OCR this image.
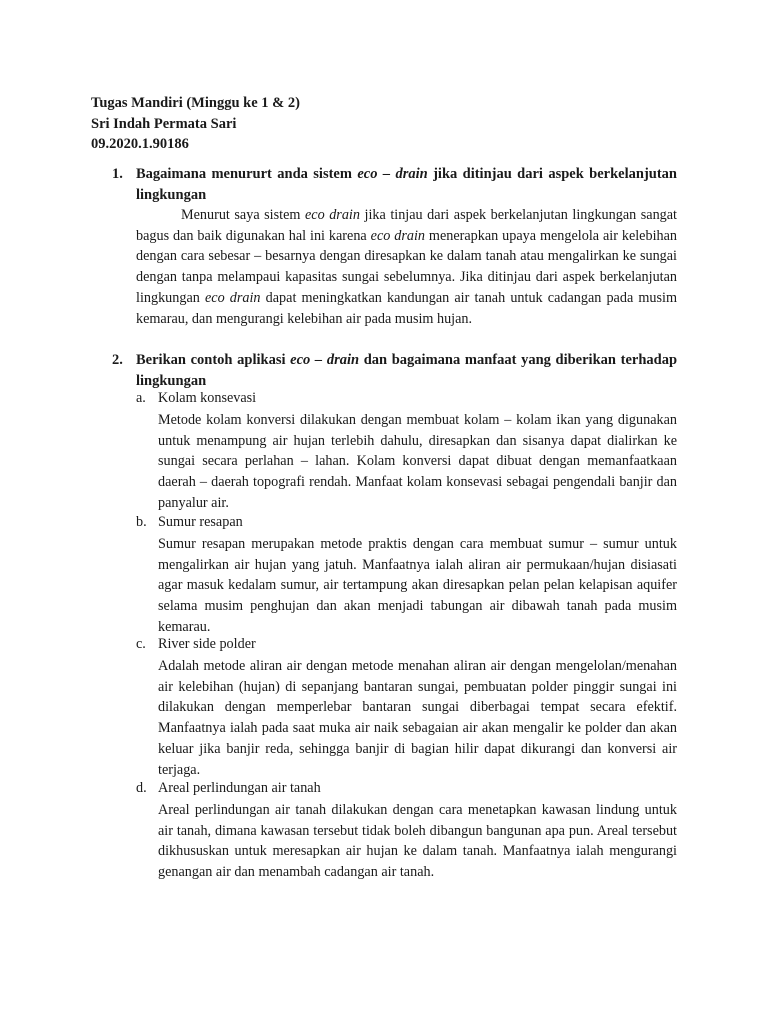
Tugas Mandiri (Minggu ke 1 & 2)
Sri Indah Permata Sari
09.2020.1.90186
1. Bagaimana menururt anda sistem eco – drain jika ditinjau dari aspek berkelanjutan lingkungan
Menurut saya sistem eco drain jika tinjau dari aspek berkelanjutan lingkungan sangat bagus dan baik digunakan hal ini karena eco drain menerapkan upaya mengelola air kelebihan dengan cara sebesar – besarnya dengan diresapkan ke dalam tanah atau mengalirkan ke sungai dengan tanpa melampaui kapasitas sungai sebelumnya. Jika ditinjau dari aspek berkelanjutan lingkungan eco drain dapat meningkatkan kandungan air tanah untuk cadangan pada musim kemarau, dan mengurangi kelebihan air pada musim hujan.
2. Berikan contoh aplikasi eco – drain dan bagaimana manfaat yang diberikan terhadap lingkungan
a. Kolam konsevasi
Metode kolam konversi dilakukan dengan membuat kolam – kolam ikan yang digunakan untuk menampung air hujan terlebih dahulu, diresapkan dan sisanya dapat dialirkan ke sungai secara perlahan – lahan. Kolam konversi dapat dibuat dengan memanfaatkaan daerah – daerah topografi rendah. Manfaat kolam konsevasi sebagai pengendali banjir dan panyalur air.
b. Sumur resapan
Sumur resapan merupakan metode praktis dengan cara membuat sumur – sumur untuk mengalirkan air hujan yang jatuh. Manfaatnya ialah aliran air permukaan/hujan disiasati agar masuk kedalam sumur, air tertampung akan diresapkan pelan pelan kelapisan aquifer selama musim penghujan dan akan menjadi tabungan air dibawah tanah pada musim kemarau.
c. River side polder
Adalah metode aliran air dengan metode menahan aliran air dengan mengelolan/menahan air kelebihan (hujan) di sepanjang bantaran sungai, pembuatan polder pinggir sungai ini dilakukan dengan memperlebar bantaran sungai diberbagai tempat secara efektif. Manfaatnya ialah pada saat muka air naik sebagaian air akan mengalir ke polder dan akan keluar jika banjir reda, sehingga banjir di bagian hilir dapat dikurangi dan konversi air terjaga.
d. Areal perlindungan air tanah
Areal perlindungan air tanah dilakukan dengan cara menetapkan kawasan lindung untuk air tanah, dimana kawasan tersebut tidak boleh dibangun bangunan apa pun. Areal tersebut dikhususkan untuk meresapkan air hujan ke dalam tanah. Manfaatnya ialah mengurangi genangan air dan menambah cadangan air tanah.
